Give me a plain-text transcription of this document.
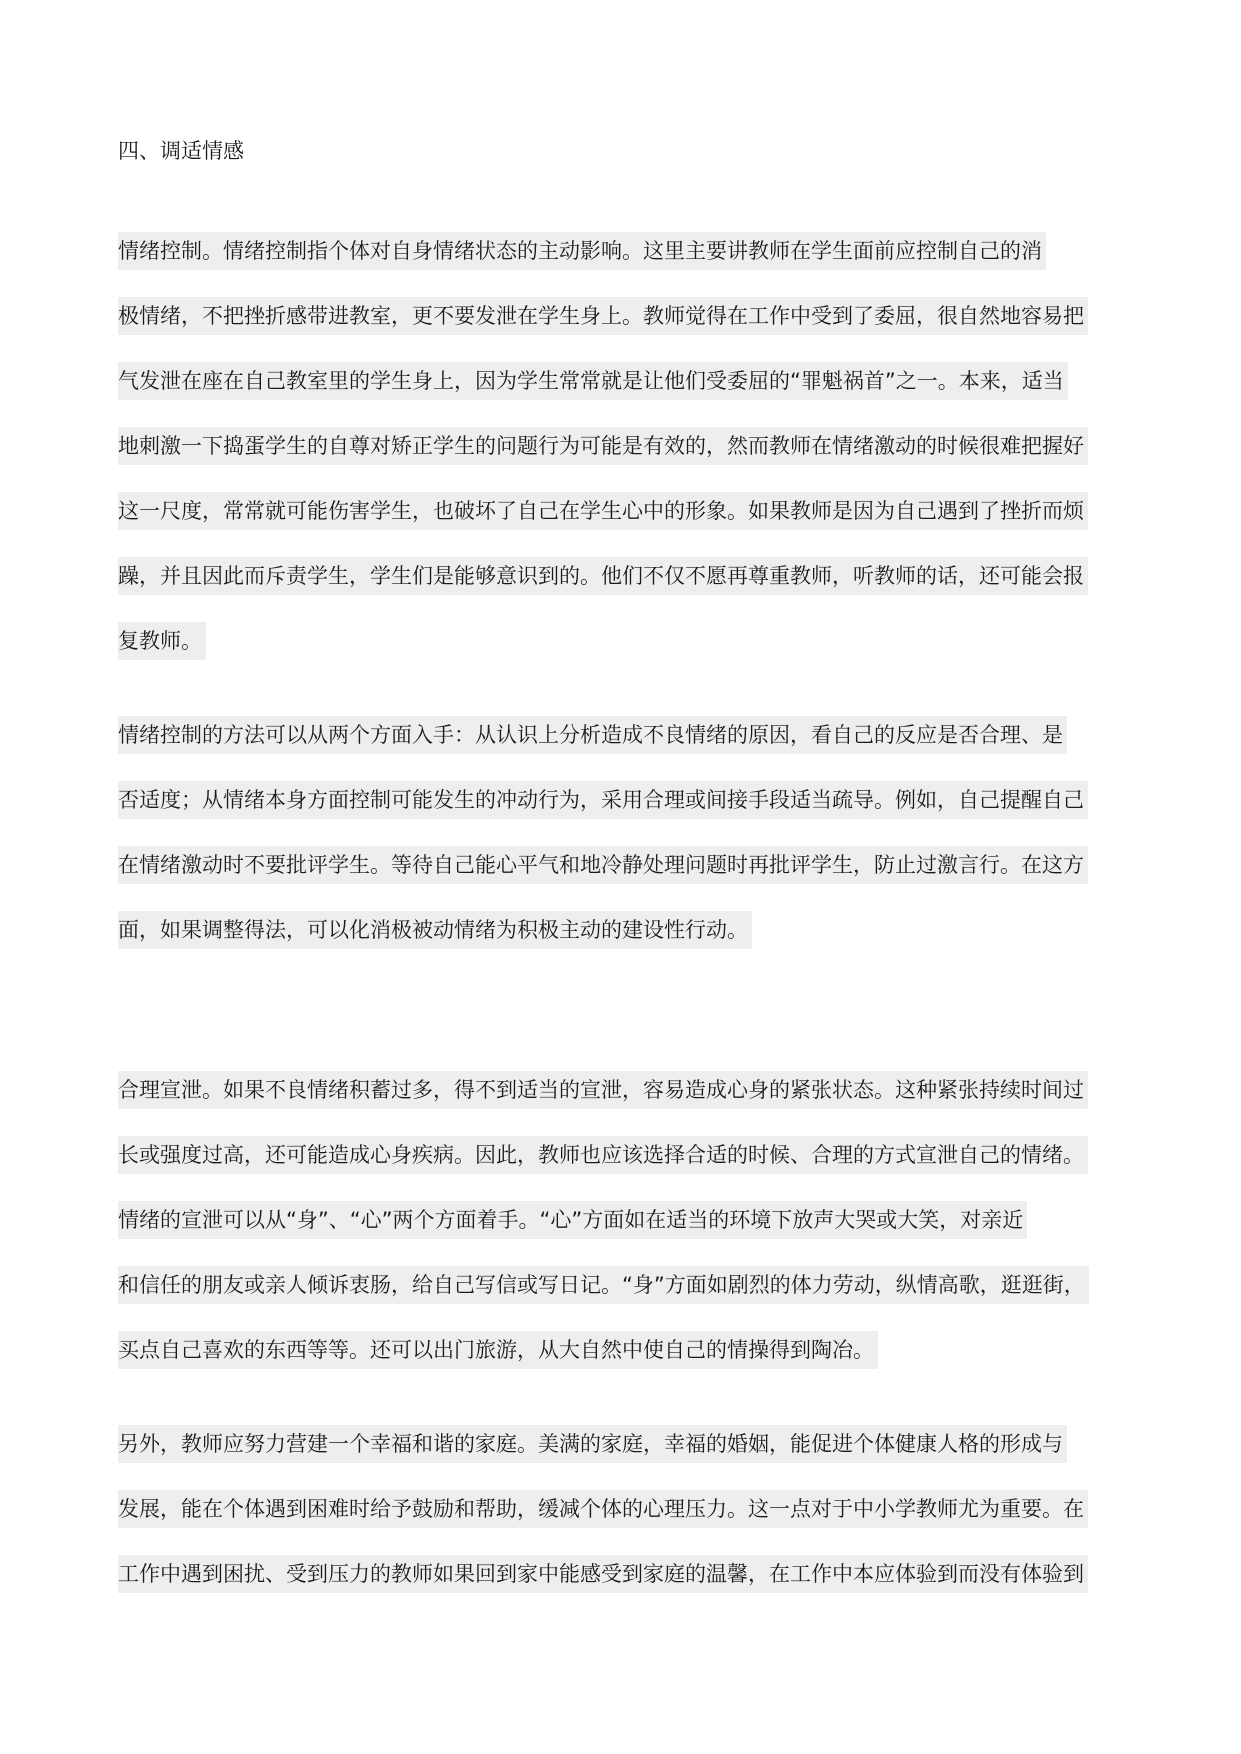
四、调适情感
情绪控制。情绪控制指个体对自身情绪状态的主动影响。这里主要讲教师在学生面前应控制自己的消
极情绪，不把挫折感带进教室，更不要发泄在学生身上。教师觉得在工作中受到了委屈，很自然地容易把
气发泄在座在自己教室里的学生身上，因为学生常常就是让他们受委屈的“罪魁祸首”之一。本来，适当
地刺激一下捣蛋学生的自尊对矫正学生的问题行为可能是有效的，然而教师在情绪激动的时候很难把握好
这一尺度，常常就可能伤害学生，也破坏了自己在学生心中的形象。如果教师是因为自己遇到了挫折而烦
躁，并且因此而斥责学生，学生们是能够意识到的。他们不仅不愿再尊重教师，听教师的话，还可能会报
复教师。
情绪控制的方法可以从两个方面入手：从认识上分析造成不良情绪的原因，看自己的反应是否合理、是
否适度；从情绪本身方面控制可能发生的冲动行为，采用合理或间接手段适当疏导。例如，自己提醒自己
在情绪激动时不要批评学生。等待自己能心平气和地冷静处理问题时再批评学生，防止过激言行。在这方
面，如果调整得法，可以化消极被动情绪为积极主动的建设性行动。
合理宣泄。如果不良情绪积蓄过多，得不到适当的宣泄，容易造成心身的紧张状态。这种紧张持续时间过
长或强度过高，还可能造成心身疾病。因此，教师也应该选择合适的时候、合理的方式宣泄自己的情绪。
情绪的宣泄可以从“身”、“心”两个方面着手。“心”方面如在适当的环境下放声大哭或大笑，对亲近
和信任的朋友或亲人倾诉衷肠，给自己写信或写日记。“身”方面如剧烈的体力劳动，纵情高歌，逛逛街，
买点自己喜欢的东西等等。还可以出门旅游，从大自然中使自己的情操得到陶冶。
另外，教师应努力营建一个幸福和谐的家庭。美满的家庭，幸福的婚姻，能促进个体健康人格的形成与
发展，能在个体遇到困难时给予鼓励和帮助，缓减个体的心理压力。这一点对于中小学教师尤为重要。在
工作中遇到困扰、受到压力的教师如果回到家中能感受到家庭的温馨，在工作中本应体验到而没有体验到
